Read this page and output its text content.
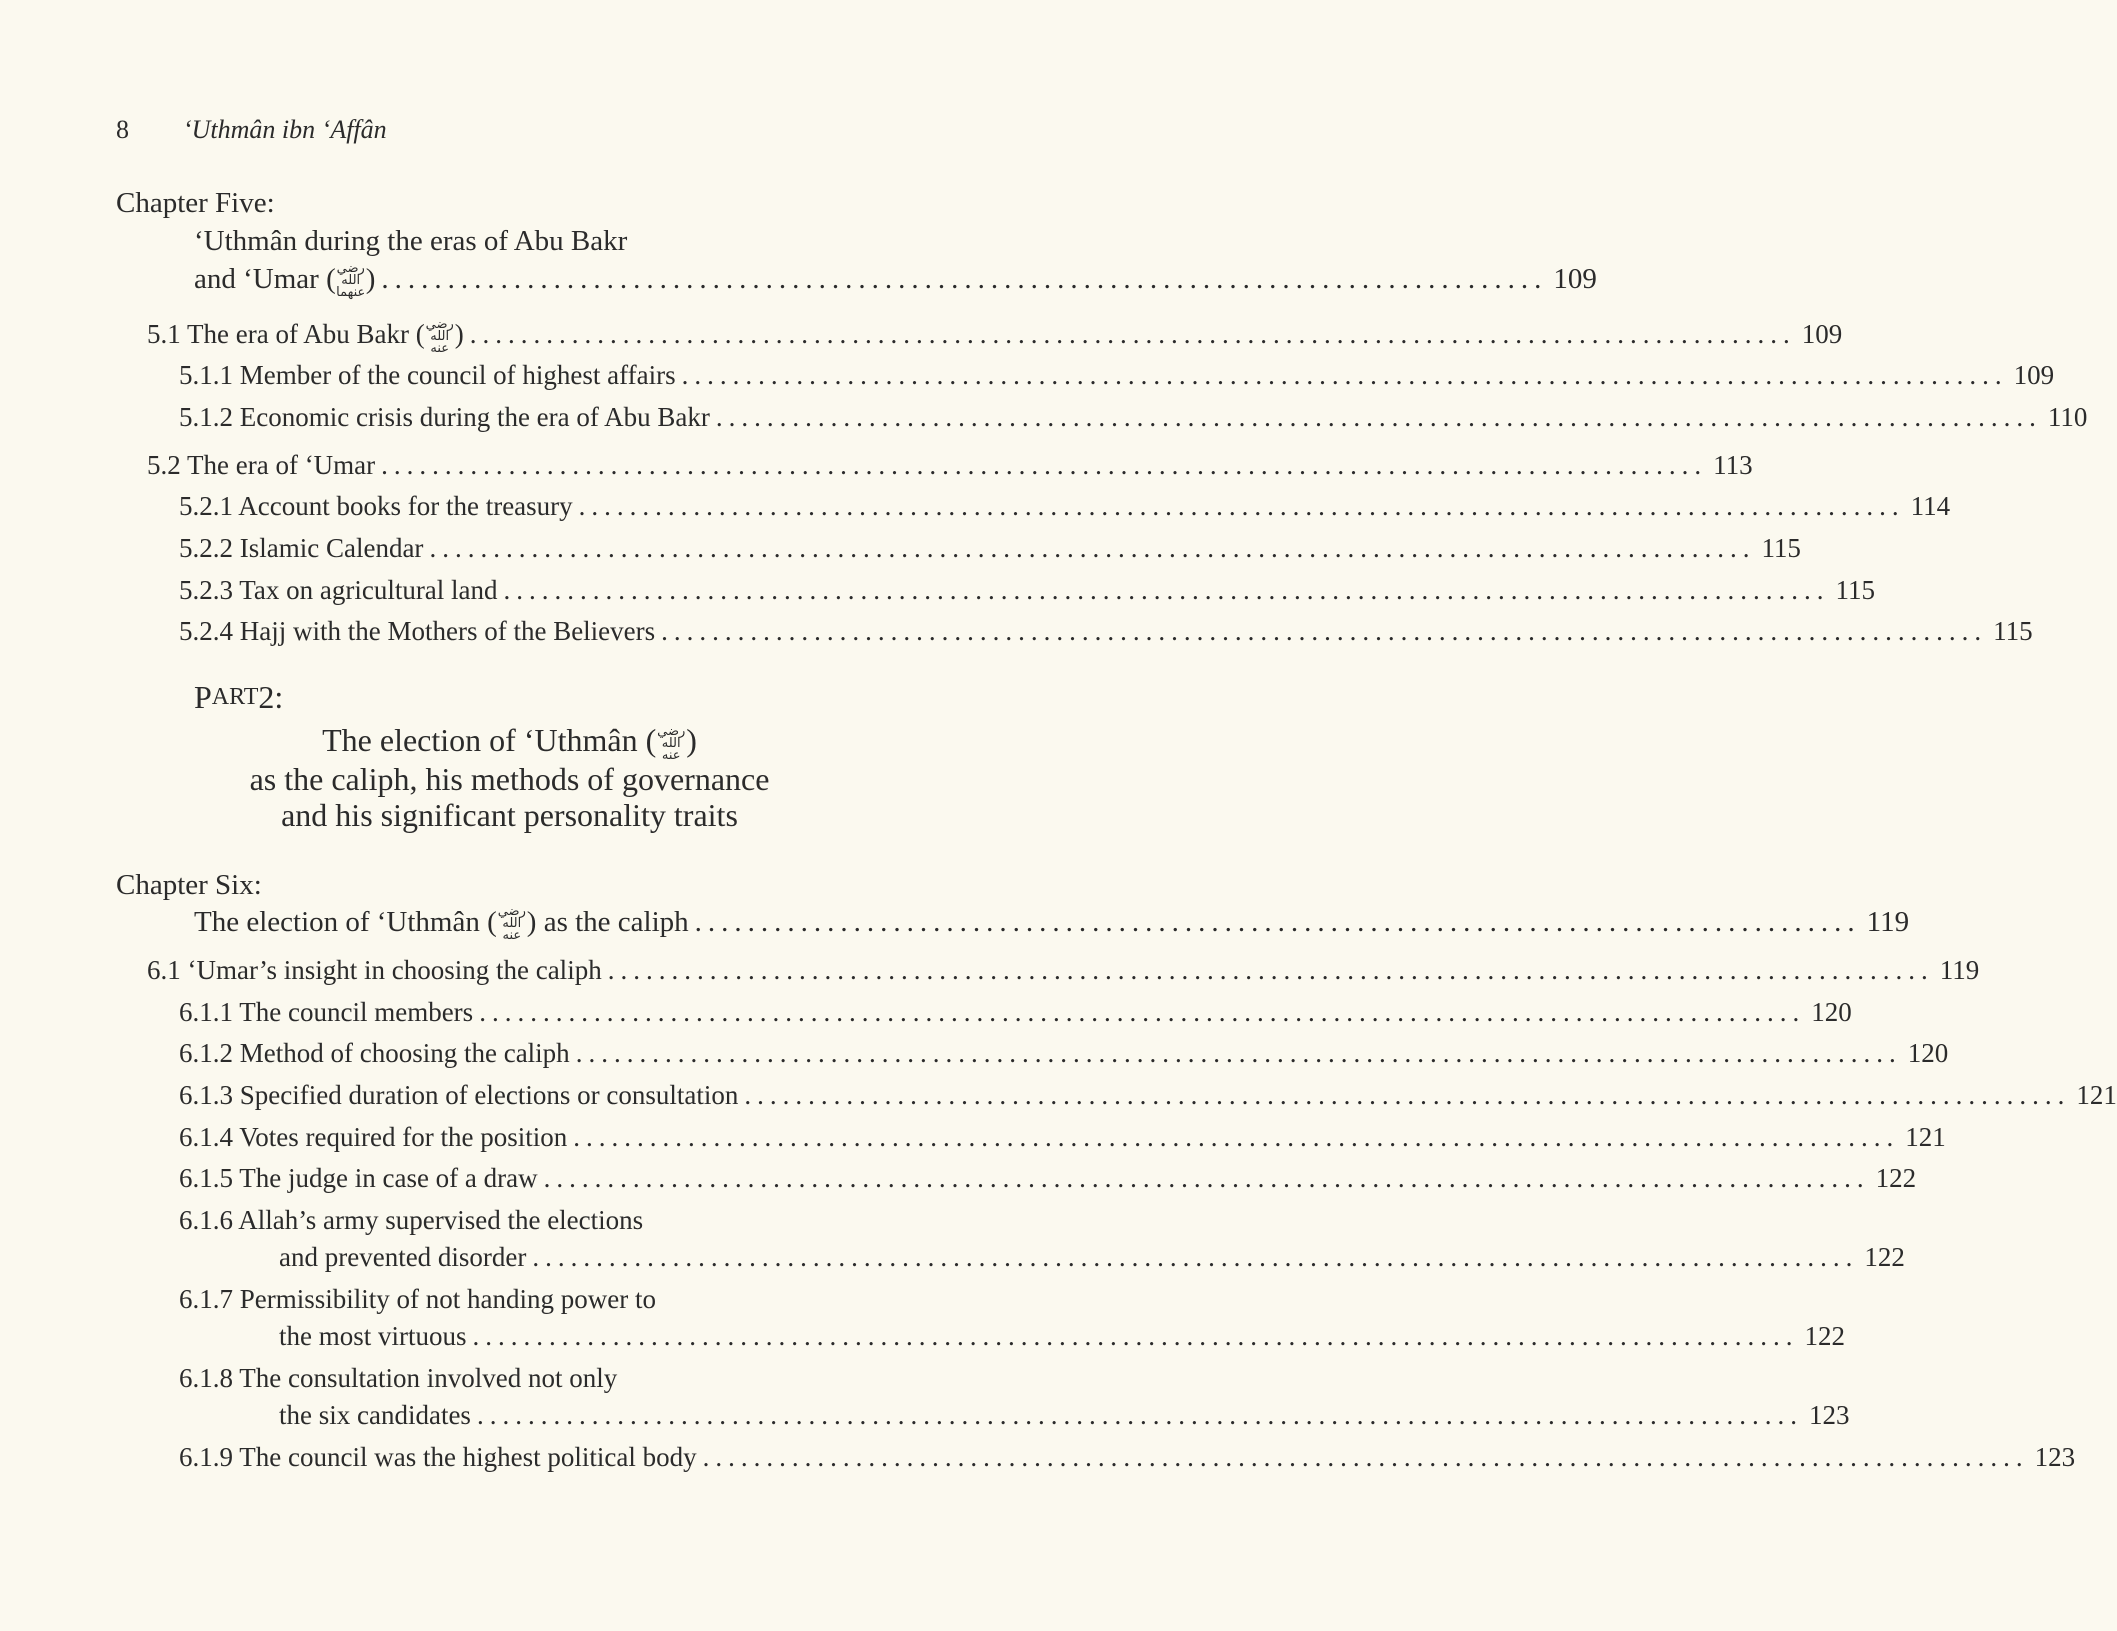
8 ‘Uthmân ibn ‘Affân
Chapter Five:
‘Uthmân during the eras of Abu Bakr
and ‘Umar (رضي الله عنهما) ........................................................................................ 109
P ART 2:
The election of ‘Uthmân (رضي الله عنه )
as the caliph, his methods of governance
and his significant personality traits
Chapter Six:
The election of ‘Uthmân (رضي الله عنه ) as the caliph ........................................................................................ 119
5.1 The era of Abu Bakr (رضي الله عنه ) ........................................................................................................ 109
5.1.1 Member of the council of highest affairs ........................................................................................................ 109
5.1.2 Economic crisis during the era of Abu Bakr ........................................................................................................ 110
5.2 The era of ‘Umar ........................................................................................................ 113
5.2.1 Account books for the treasury ........................................................................................................ 114
5.2.2 Islamic Calendar ........................................................................................................ 115
5.2.3 Tax on agricultural land ........................................................................................................ 115
5.2.4 Hajj with the Mothers of the Believers ........................................................................................................ 115
6.1 ‘Umar’s insight in choosing the caliph ........................................................................................................ 119
6.1.1 The council members ........................................................................................................ 120
6.1.2 Method of choosing the caliph ........................................................................................................ 120
6.1.3 Specified duration of elections or consultation ........................................................................................................ 121
6.1.4 Votes required for the position ........................................................................................................ 121
6.1.5 The judge in case of a draw ........................................................................................................ 122
6.1.6 Allah’s army supervised the elections
and prevented disorder ........................................................................................................ 122
6.1.7 Permissibility of not handing power to
the most virtuous ........................................................................................................ 122
6.1.8 The consultation involved not only
the six candidates ........................................................................................................ 123
6.1.9 The council was the highest political body ........................................................................................................ 123
